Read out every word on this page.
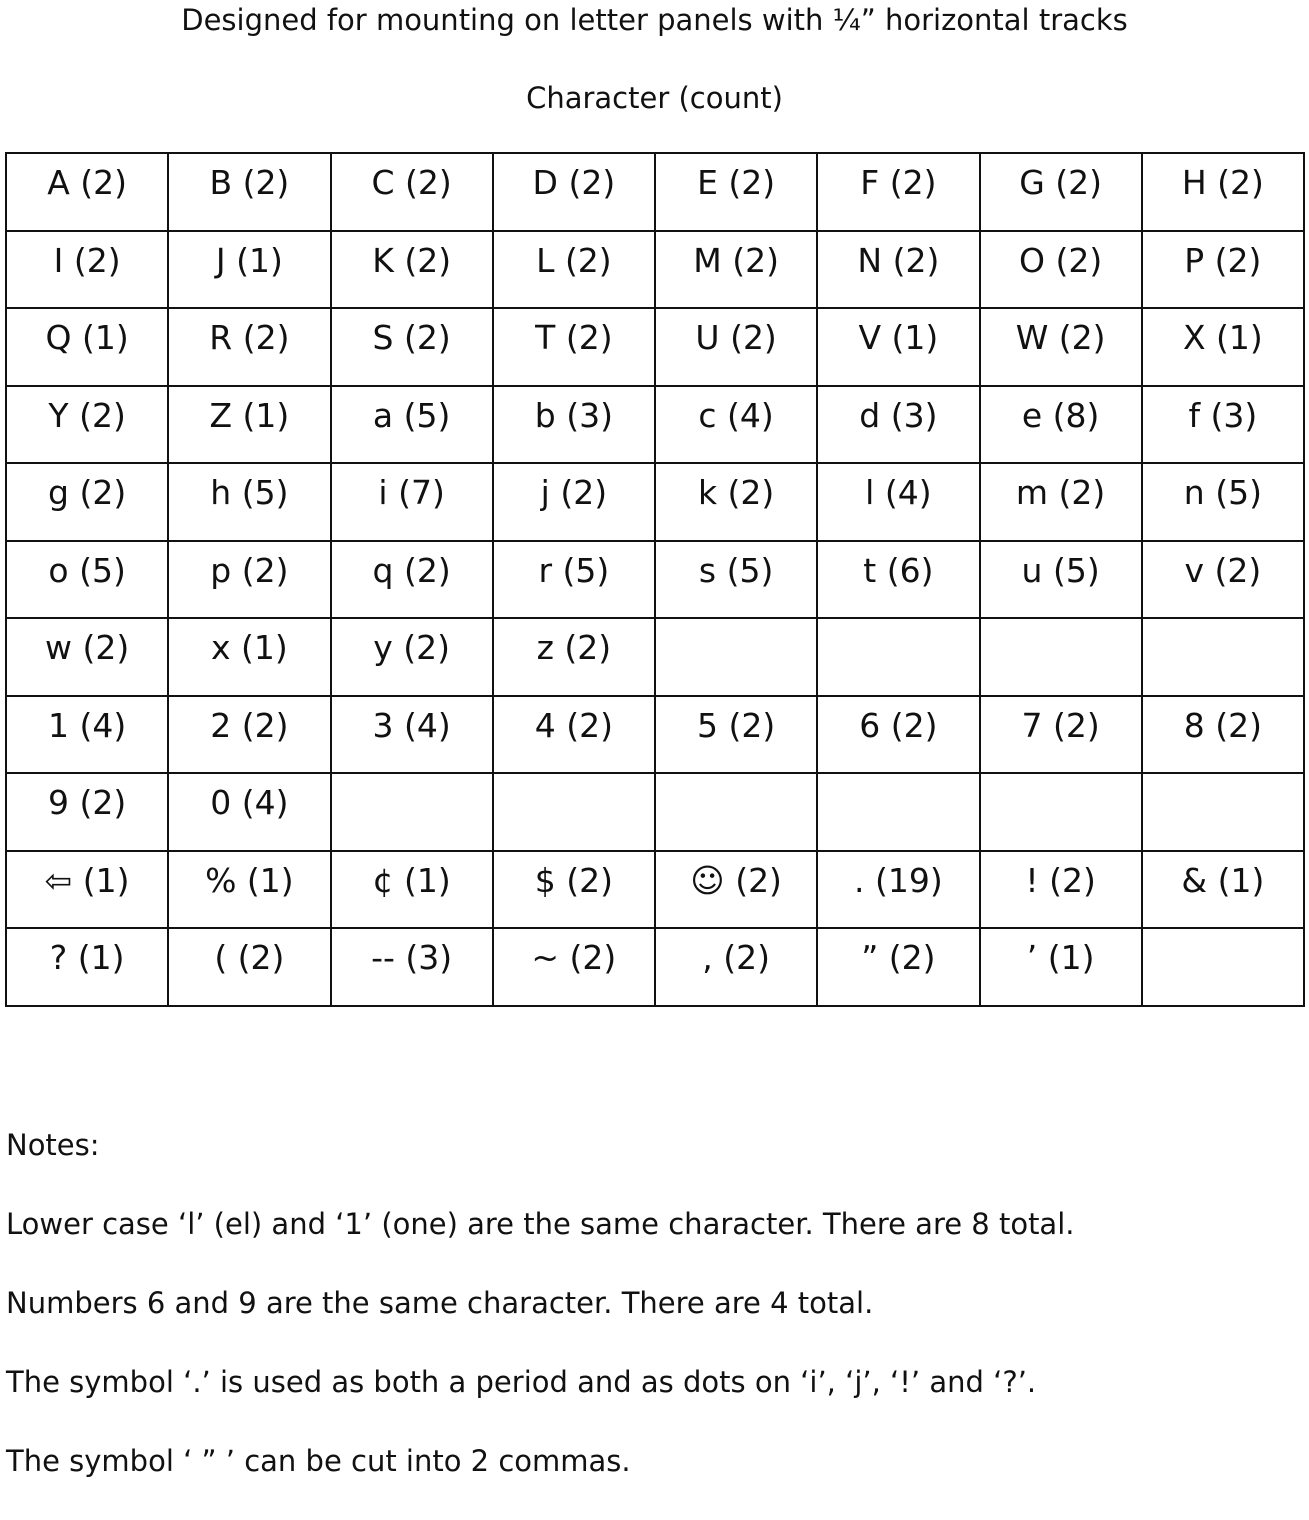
Designed for mounting on letter panels with ¼” horizontal tracks
Character (count)
A (2)	B (2)	C (2)	D (2)	E (2)	F (2)	G (2)	H (2)
I (2)	J (1)	K (2)	L (2)	M (2)	N (2)	O (2)	P (2)
Q (1)	R (2)	S (2)	T (2)	U (2)	V (1)	W (2)	X (1)
Y (2)	Z (1)	a (5)	b (3)	c (4)	d (3)	e (8)	f (3)
g (2)	h (5)	i (7)	j (2)	k (2)	l (4)	m (2)	n (5)
o (5)	p (2)	q (2)	r (5)	s (5)	t (6)	u (5)	v (2)
w (2)	x (1)	y (2)	z (2)				
1 (4)	2 (2)	3 (4)	4 (2)	5 (2)	6 (2)	7 (2)	8 (2)
9 (2)	0 (4)						
⇦ (1)	% (1)	¢ (1)	$ (2)	☺ (2)	. (19)	! (2)	& (1)
? (1)	( (2)	-- (3)	~ (2)	, (2)	” (2)	’ (1)	

Notes:

Lower case ‘l’ (el) and ‘1’ (one) are the same character. There are 8 total.

Numbers 6 and 9 are the same character. There are 4 total.

The symbol ‘.’ is used as both a period and as dots on ‘i’, ‘j’, ‘!’ and ‘?’.

The symbol ‘ ” ’ can be cut into 2 commas.
